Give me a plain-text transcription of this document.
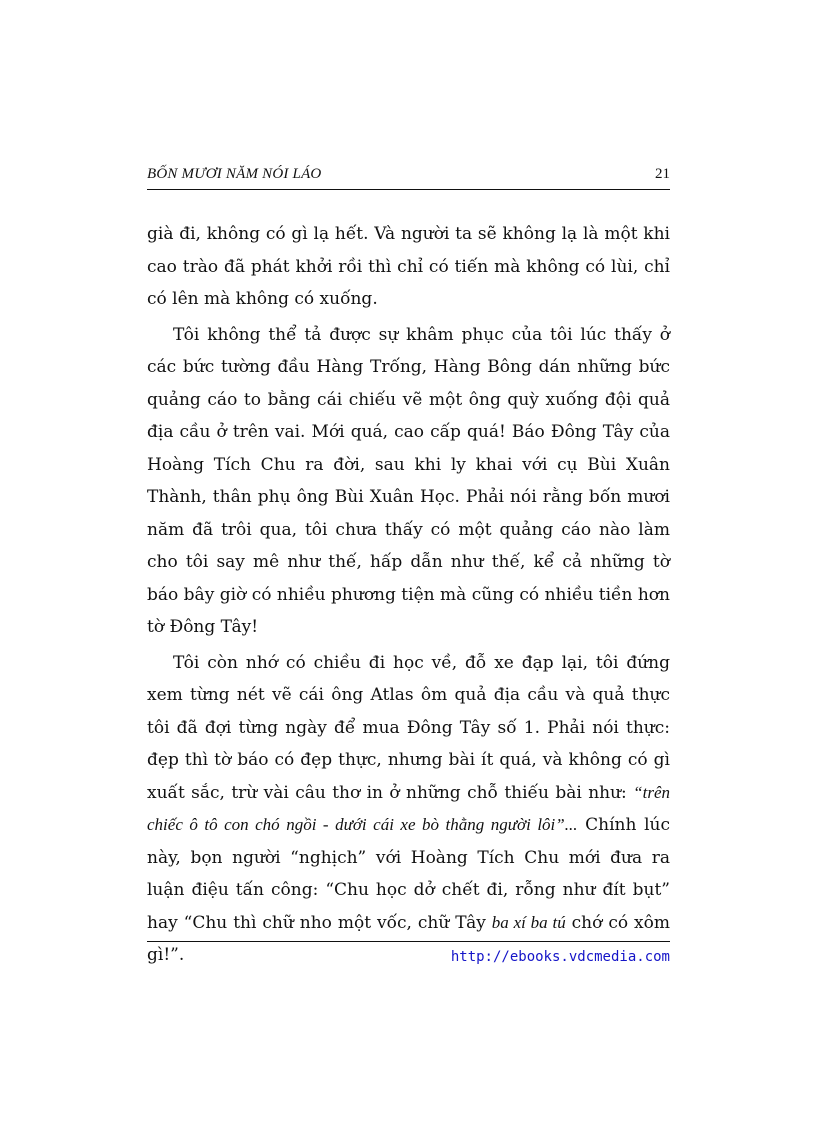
BỐN MƯƠI NĂM NÓI LÁO	21

già đi, không có gì lạ hết. Và người ta sẽ không lạ là một khi cao trào đã phát khởi rồi thì chỉ có tiến mà không có lùi, chỉ có lên mà không có xuống.

Tôi không thể tả được sự khâm phục của tôi lúc thấy ở các bức tường đầu Hàng Trống, Hàng Bông dán những bức quảng cáo to bằng cái chiếu vẽ một ông quỳ xuống đội quả địa cầu ở trên vai. Mới quá, cao cấp quá! Báo Đông Tây của Hoàng Tích Chu ra đời, sau khi ly khai với cụ Bùi Xuân Thành, thân phụ ông Bùi Xuân Học. Phải nói rằng bốn mươi năm đã trôi qua, tôi chưa thấy có một quảng cáo nào làm cho tôi say mê như thế, hấp dẫn như thế, kể cả những tờ báo bây giờ có nhiều phương tiện mà cũng có nhiều tiền hơn tờ Đông Tây!

Tôi còn nhớ có chiều đi học về, đỗ xe đạp lại, tôi đứng xem từng nét vẽ cái ông Atlas ôm quả địa cầu và quả thực tôi đã đợi từng ngày để mua Đông Tây số 1. Phải nói thực: đẹp thì tờ báo có đẹp thực, nhưng bài ít quá, và không có gì xuất sắc, trừ vài câu thơ in ở những chỗ thiếu bài như: “trên chiếc ô tô con chó ngồi - dưới cái xe bò thằng người lôi”... Chính lúc này, bọn người “nghịch” với Hoàng Tích Chu mới đưa ra luận điệu tấn công: “Chu học dở chết đi, rỗng như đít bụt” hay “Chu thì chữ nho một vốc, chữ Tây ba xí ba tú chớ có xôm gì!”.	http://ebooks.vdcmedia.com
